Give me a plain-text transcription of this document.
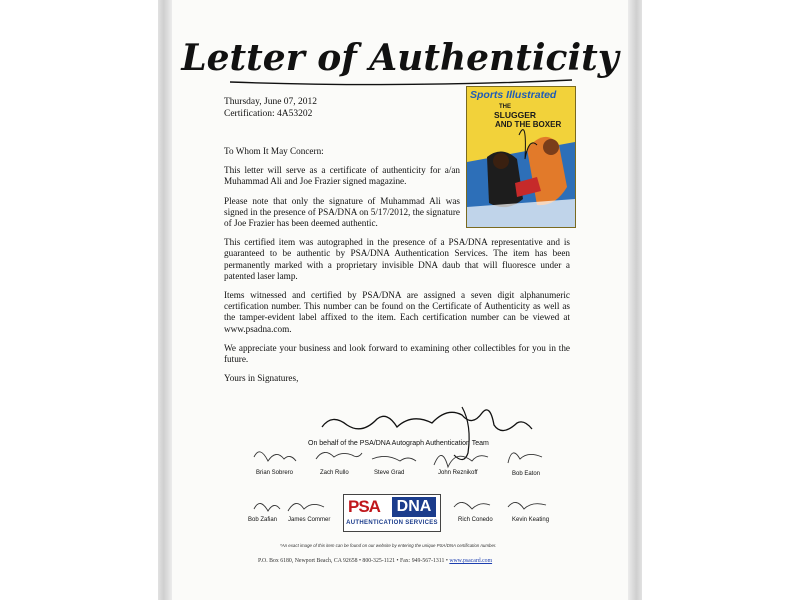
Letter of Authenticity
Thursday, June 07, 2012
Certification: 4A53202
Sports Illustrated
THE
SLUGGER
AND THE BOXER

To Whom It May Concern:

This letter will serve as a certificate of authenticity for a/an Muhammad Ali and Joe Frazier signed magazine.

Please note that only the signature of Muhammad Ali was signed in the presence of PSA/DNA on 5/17/2012, the signature of Joe Frazier has been deemed authentic.

This certified item was autographed in the presence of a PSA/DNA representative and is guaranteed to be authentic by PSA/DNA Authentication Services. The item has been permanently marked with a proprietary invisible DNA daub that will fluoresce under a patented laser lamp.

Items witnessed and certified by PSA/DNA are assigned a seven digit alphanumeric certification number. This number can be found on the Certificate of Authenticity as well as the tamper-evident label affixed to the item. Each certification number can be viewed at www.psadna.com.

We appreciate your business and look forward to examining other collectibles for you in the future.

Yours in Signatures,

On behalf of the PSA/DNA Autograph Authentication Team
Brian Sobrero	Zach Rullo	Steve Grad	John Reznikoff	Bob Eaton
Bob Zafian James Commer	Rich Conedo	Kevin Keating
PSA DNA
AUTHENTICATION SERVICES
*An exact image of this item can be found on our website by entering the unique PSA/DNA certification number.
P.O. Box 6180, Newport Beach, CA 92658 • 800-325-1121 • Fax: 949-567-1311 • www.psacard.com
